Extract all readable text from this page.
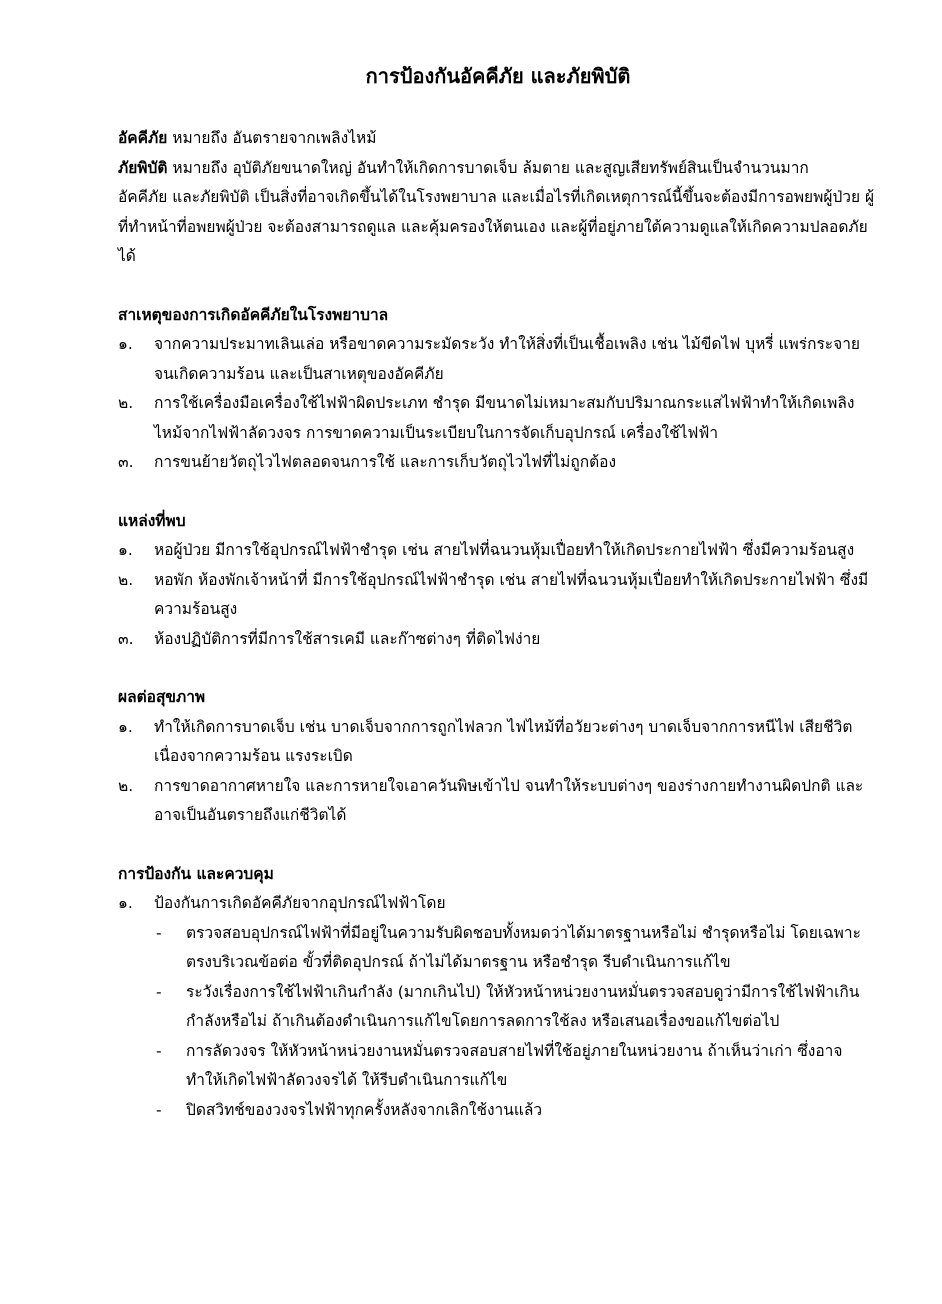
การป้องกันอัคคีภัย และภัยพิบัติ

อัคคีภัย หมายถึง อันตรายจากเพลิงไหม้

ภัยพิบัติ หมายถึง อุบัติภัยขนาดใหญ่ อันทำให้เกิดการบาดเจ็บ ล้มตาย และสูญเสียทรัพย์สินเป็นจำนวนมาก

อัคคีภัย และภัยพิบัติ เป็นสิ่งที่อาจเกิดขึ้นได้ในโรงพยาบาล และเมื่อไรที่เกิดเหตุการณ์นี้ขึ้นจะต้องมีการอพยพผู้ป่วย ผู้ที่ทำหน้าที่อพยพผู้ป่วย จะต้องสามารถดูแล และคุ้มครองให้ตนเอง และผู้ที่อยู่ภายใต้ความดูแลให้เกิดความปลอดภัยได้

สาเหตุของการเกิดอัคคีภัยในโรงพยาบาล

๑.	จากความประมาทเลินเล่อ หรือขาดความระมัดระวัง ทำให้สิ่งที่เป็นเชื้อเพลิง เช่น ไม้ขีดไฟ บุหรี่ แพร่กระจายจนเกิดความร้อน และเป็นสาเหตุของอัคคีภัย
๒.	การใช้เครื่องมือเครื่องใช้ไฟฟ้าผิดประเภท ชำรุด มีขนาดไม่เหมาะสมกับปริมาณกระแสไฟฟ้าทำให้เกิดเพลิงไหม้จากไฟฟ้าลัดวงจร การขาดความเป็นระเบียบในการจัดเก็บอุปกรณ์ เครื่องใช้ไฟฟ้า
๓.	การขนย้ายวัตถุไวไฟตลอดจนการใช้ และการเก็บวัตถุไวไฟที่ไม่ถูกต้อง

แหล่งที่พบ

๑.	หอผู้ป่วย มีการใช้อุปกรณ์ไฟฟ้าชำรุด เช่น สายไฟที่ฉนวนหุ้มเปื่อยทำให้เกิดประกายไฟฟ้า ซึ่งมีความร้อนสูง
๒.	หอพัก ห้องพักเจ้าหน้าที่ มีการใช้อุปกรณ์ไฟฟ้าชำรุด เช่น สายไฟที่ฉนวนหุ้มเปื่อยทำให้เกิดประกายไฟฟ้า ซึ่งมีความร้อนสูง
๓.	ห้องปฏิบัติการที่มีการใช้สารเคมี และก๊าซต่างๆ ที่ติดไฟง่าย

ผลต่อสุขภาพ

๑.	ทำให้เกิดการบาดเจ็บ เช่น บาดเจ็บจากการถูกไฟลวก ไฟไหม้ที่อวัยวะต่างๆ บาดเจ็บจากการหนีไฟ เสียชีวิตเนื่องจากความร้อน แรงระเบิด
๒.	การขาดอากาศหายใจ และการหายใจเอาควันพิษเข้าไป จนทำให้ระบบต่างๆ ของร่างกายทำงานผิดปกติ และอาจเป็นอันตรายถึงแก่ชีวิตได้

การป้องกัน และควบคุม

๑.	ป้องกันการเกิดอัคคีภัยจากอุปกรณ์ไฟฟ้าโดย
- ตรวจสอบอุปกรณ์ไฟฟ้าที่มีอยู่ในความรับผิดชอบทั้งหมดว่าได้มาตรฐานหรือไม่ ชำรุดหรือไม่ โดยเฉพาะตรงบริเวณข้อต่อ ขั้วที่ติดอุปกรณ์ ถ้าไม่ได้มาตรฐาน หรือชำรุด รีบดำเนินการแก้ไข
- ระวังเรื่องการใช้ไฟฟ้าเกินกำลัง (มากเกินไป) ให้หัวหน้าหน่วยงานหมั่นตรวจสอบดูว่ามีการใช้ไฟฟ้าเกินกำลังหรือไม่ ถ้าเกินต้องดำเนินการแก้ไขโดยการลดการใช้ลง หรือเสนอเรื่องขอแก้ไขต่อไป
- การลัดวงจร ให้หัวหน้าหน่วยงานหมั่นตรวจสอบสายไฟที่ใช้อยู่ภายในหน่วยงาน ถ้าเห็นว่าเก่า ซึ่งอาจทำให้เกิดไฟฟ้าลัดวงจรได้ ให้รีบดำเนินการแก้ไข
- ปิดสวิทช์ของวงจรไฟฟ้าทุกครั้งหลังจากเลิกใช้งานแล้ว
